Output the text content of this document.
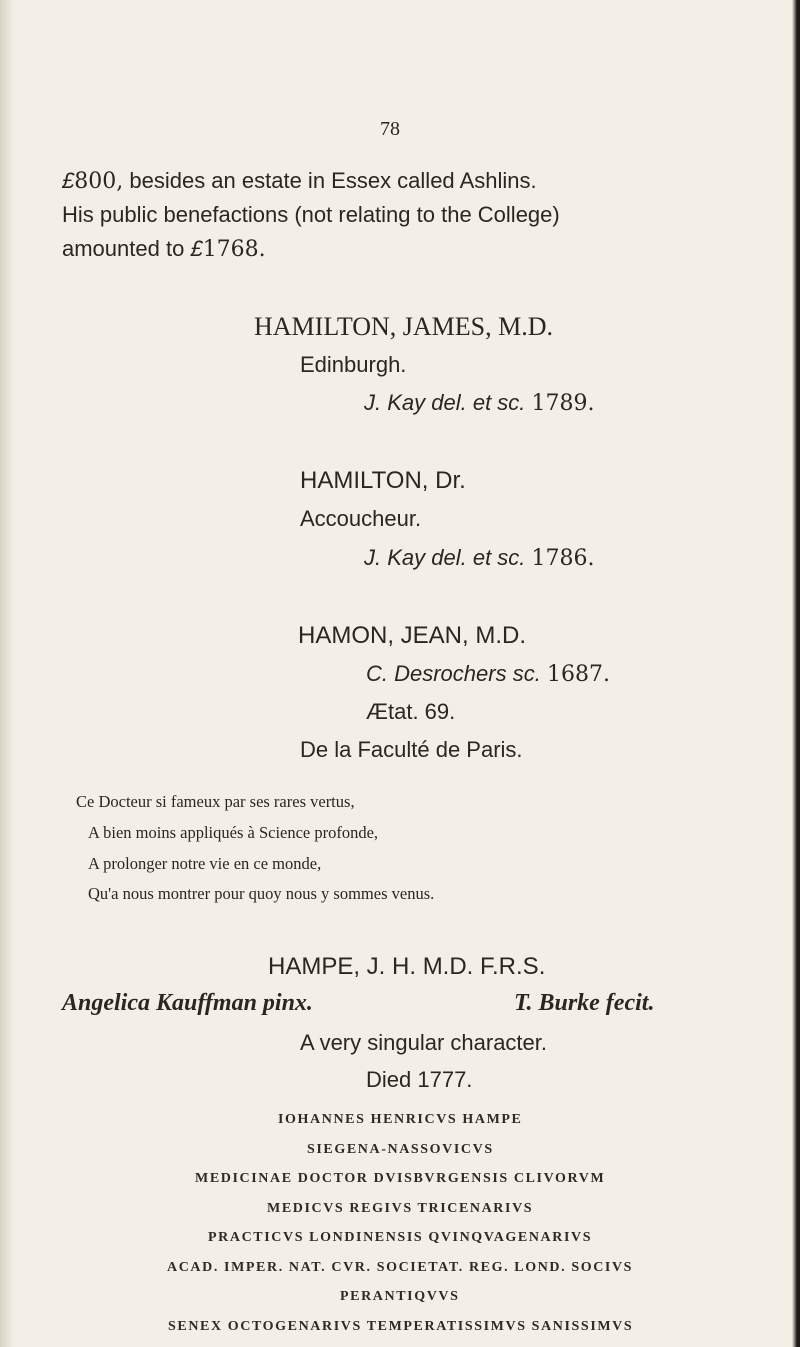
78
£800, besides an estate in Essex called Ashlins.
His public benefactions (not relating to the College)
amounted to £1768.
HAMILTON, JAMES, M.D.
Edinburgh.
J. Kay del. et sc. 1789.
HAMILTON, Dr.
Accoucheur.
J. Kay del. et sc. 1786.
HAMON, JEAN, M.D.
C. Desrochers sc. 1687.
Ætat. 69.
De la Faculté de Paris.
Ce Docteur si fameux par ses rares vertus,
A bien moins appliqués à Science profonde,
A prolonger notre vie en ce monde,
Qu'a nous montrer pour quoy nous y sommes venus.
HAMPE, J. H. M.D. F.R.S.
Angelica Kauffman pinx.	T. Burke fecit.
A very singular character.
Died 1777.
IOHANNES HENRICVS HAMPE
SIEGENA-NASSOVICVS
MEDICINAE DOCTOR DVISBVRGENSIS CLIVORVM
MEDICVS REGIVS TRICENARIVS
PRACTICVS LONDINENSIS QVINQVAGENARIVS
ACAD. IMPER. NAT. CVR. SOCIETAT. REG. LOND. SOCIVS
PERANTIQVVS
SENEX OCTOGENARIVS TEMPERATISSIMVS SANISSIMVS
